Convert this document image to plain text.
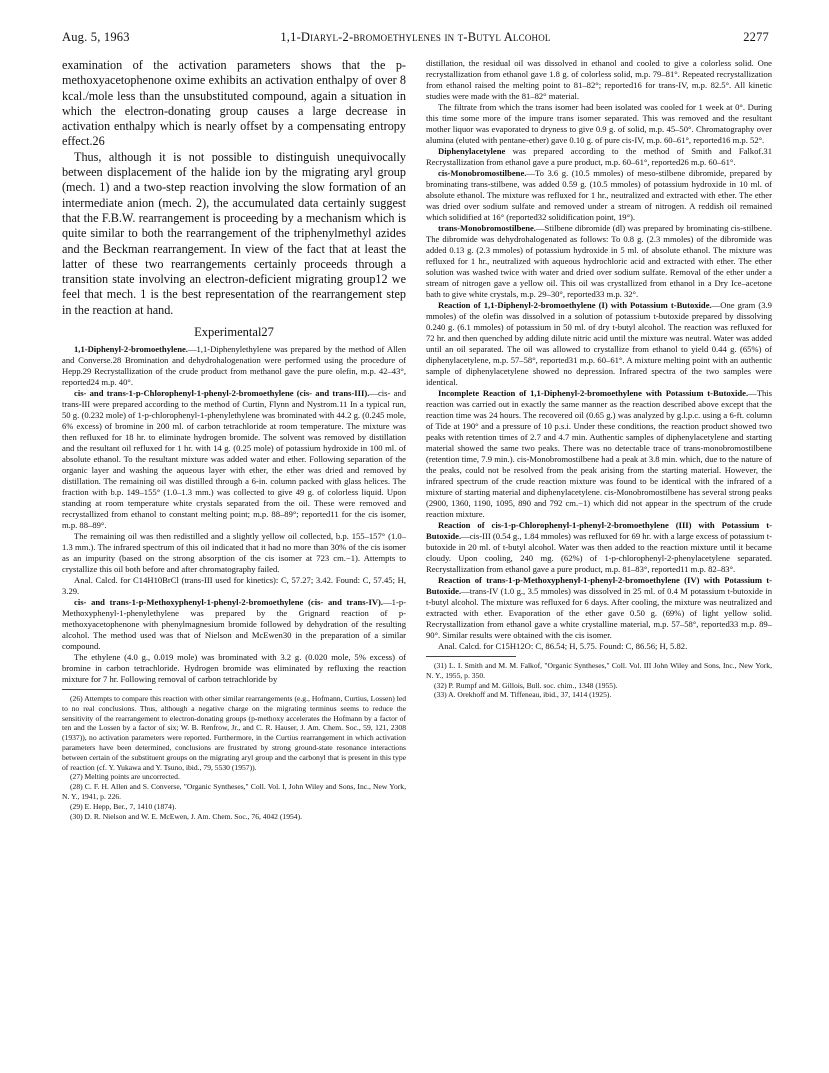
Aug. 5, 1963	1,1-Diaryl-2-bromoethylenes in t-Butyl Alcohol	2277

examination of the activation parameters shows that the p-methoxyacetophenone oxime exhibits an activation enthalpy of over 8 kcal./mole less than the unsubstituted compound, again a situation in which the electron-donating group causes a large decrease in activation enthalpy which is nearly offset by a compensating entropy effect.26

Thus, although it is not possible to distinguish unequivocally between displacement of the halide ion by the migrating aryl group (mech. 1) and a two-step reaction involving the slow formation of an intermediate anion (mech. 2), the accumulated data certainly suggest that the F.B.W. rearrangement is proceeding by a mechanism which is quite similar to both the rearrangement of the triphenylmethyl azides and the Beckman rearrangement. In view of the fact that at least the latter of these two rearrangements certainly proceeds through a transition state involving an electron-deficient migrating group12 we feel that mech. 1 is the best representation of the rearrangement step in the reaction at hand.

Experimental27

1,1-Diphenyl-2-bromoethylene.—1,1-Diphenylethylene was prepared by the method of Allen and Converse.28 Bromination and dehydrohalogenation were performed using the procedure of Hepp.29 Recrystallization of the crude product from methanol gave the pure olefin, m.p. 42–43°, reported24 m.p. 40°.

cis- and trans-1-p-Chlorophenyl-1-phenyl-2-bromoethylene (cis- and trans-III).—cis- and trans-III were prepared according to the method of Curtin, Flynn and Nystrom.11 In a typical run, 50 g. (0.232 mole) of 1-p-chlorophenyl-1-phenylethylene was brominated with 44.2 g. (0.245 mole, 6% excess) of bromine in 200 ml. of carbon tetrachloride at room temperature. The mixture was then refluxed for 18 hr. to eliminate hydrogen bromide. The solvent was removed by distillation and the resultant oil refluxed for 1 hr. with 14 g. (0.25 mole) of potassium hydroxide in 100 ml. of absolute ethanol. To the resultant mixture was added water and ether. Following separation of the organic layer and washing the aqueous layer with ether, the ether was dried and removed by distillation. The remaining oil was distilled through a 6-in. column packed with glass helices. The fraction with b.p. 149–155° (1.0–1.3 mm.) was collected to give 49 g. of colorless liquid. Upon standing at room temperature white crystals separated from the oil. These were removed and recrystallized from ethanol to constant melting point; m.p. 88–89°; reported11 for the cis isomer, m.p. 88–89°.

The remaining oil was then redistilled and a slightly yellow oil collected, b.p. 155–157° (1.0–1.3 mm.). The infrared spectrum of this oil indicated that it had no more than 30% of the cis isomer as an impurity (based on the strong absorption of the cis isomer at 723 cm.−1). Attempts to crystallize this oil both before and after chromatography failed.

Anal. Calcd. for C14H10BrCl (trans-III used for kinetics): C, 57.27; 3.42. Found: C, 57.45; H, 3.29.

cis- and trans-1-p-Methoxyphenyl-1-phenyl-2-bromoethylene (cis- and trans-IV).—1-p-Methoxyphenyl-1-phenylethylene was prepared by the Grignard reaction of p-methoxyacetophenone with phenylmagnesium bromide followed by dehydration of the resulting alcohol. The method used was that of Nielson and McEwen30 in the preparation of a similar compound.

The ethylene (4.0 g., 0.019 mole) was brominated with 3.2 g. (0.020 mole, 5% excess) of bromine in carbon tetrachloride. Hydrogen bromide was eliminated by refluxing the reaction mixture for 7 hr. Following removal of carbon tetrachloride by

(26) Attempts to compare this reaction with other similar rearrangements (e.g., Hofmann, Curtius, Lossen) led to no real conclusions. Thus, although a negative charge on the migrating terminus seems to reduce the sensitivity of the rearrangement to electron-donating groups (p-methoxy accelerates the Hofmann by a factor of ten and the Lossen by a factor of six; W. B. Renfrow, Jr., and C. R. Hauser, J. Am. Chem. Soc., 59, 121, 2308 (1937)), no activation parameters were reported. Furthermore, in the Curtius rearrangement in which activation parameters have been determined, conclusions are frustrated by strong ground-state resonance interactions between certain of the substituent groups on the migrating aryl group and the carbonyl that is present in this type of reaction (cf. Y. Yukawa and Y. Tsuno, ibid., 79, 5530 (1957)).

(27) Melting points are uncorrected.

(28) C. F. H. Allen and S. Converse, "Organic Syntheses," Coll. Vol. I, John Wiley and Sons, Inc., New York, N. Y., 1941, p. 226.

(29) E. Hepp, Ber., 7, 1410 (1874).

(30) D. R. Nielson and W. E. McEwen, J. Am. Chem. Soc., 76, 4042 (1954).

distillation, the residual oil was dissolved in ethanol and cooled to give a colorless solid. One recrystallization from ethanol gave 1.8 g. of colorless solid, m.p. 79–81°. Repeated recrystallization from ethanol raised the melting point to 81–82°; reported16 for trans-IV, m.p. 82.5°. All kinetic studies were made with the 81–82° material.

The filtrate from which the trans isomer had been isolated was cooled for 1 week at 0°. During this time some more of the impure trans isomer separated. This was removed and the resultant mother liquor was evaporated to dryness to give 0.9 g. of solid, m.p. 45–50°. Chromatography over alumina (eluted with pentane-ether) gave 0.10 g. of pure cis-IV, m.p. 60–61°, reported16 m.p. 52°.

Diphenylacetylene was prepared according to the method of Smith and Falkof.31 Recrystallization from ethanol gave a pure product, m.p. 60–61°, reported26 m.p. 60–61°.

cis-Monobromostilbene.—To 3.6 g. (10.5 mmoles) of meso-stilbene dibromide, prepared by brominating trans-stilbene, was added 0.59 g. (10.5 mmoles) of potassium hydroxide in 10 ml. of absolute ethanol. The mixture was refluxed for 1 hr., neutralized and extracted with ether. The ether was dried over sodium sulfate and removed under a stream of nitrogen. A reddish oil remained which solidified at 16° (reported32 solidification point, 19°).

trans-Monobromostilbene.—Stilbene dibromide (dl) was prepared by brominating cis-stilbene. The dibromide was dehydrohalogenated as follows: To 0.8 g. (2.3 mmoles) of the dibromide was added 0.13 g. (2.3 mmoles) of potassium hydroxide in 5 ml. of absolute ethanol. The mixture was refluxed for 1 hr., neutralized with aqueous hydrochloric acid and extracted with ether. The ether solution was washed twice with water and dried over sodium sulfate. Removal of the ether under a stream of nitrogen gave a yellow oil. This oil was crystallized from ethanol in a Dry Ice–acetone bath to give white crystals, m.p. 29–30°, reported33 m.p. 32°.

Reaction of 1,1-Diphenyl-2-bromoethylene (I) with Potassium t-Butoxide.—One gram (3.9 mmoles) of the olefin was dissolved in a solution of potassium t-butoxide prepared by dissolving 0.240 g. (6.1 mmoles) of potassium in 50 ml. of dry t-butyl alcohol. The reaction was refluxed for 72 hr. and then quenched by adding dilute nitric acid until the mixture was neutral. Water was added until an oil separated. The oil was allowed to crystallize from ethanol to yield 0.44 g. (65%) of diphenylacetylene, m.p. 57–58°, reported31 m.p. 60–61°. A mixture melting point with an authentic sample of diphenylacetylene showed no depression. Infrared spectra of the two samples were identical.

Incomplete Reaction of 1,1-Diphenyl-2-bromoethylene with Potassium t-Butoxide.—This reaction was carried out in exactly the same manner as the reaction described above except that the reaction time was 24 hours. The recovered oil (0.65 g.) was analyzed by g.l.p.c. using a 6-ft. column of Tide at 190° and a pressure of 10 p.s.i. Under these conditions, the reaction product showed two peaks with retention times of 2.7 and 4.7 min. Authentic samples of diphenylacetylene and starting material showed the same two peaks. There was no detectable trace of trans-monobromostilbene (retention time, 7.9 min.). cis-Monobromostilbene had a peak at 3.8 min. which, due to the nature of the peaks, could not be resolved from the peak arising from the starting material. However, the infrared spectrum of the crude reaction mixture was found to be identical with the infrared of a mixture of starting material and diphenylacetylene. cis-Monobromostilbene has several strong peaks (2900, 1360, 1190, 1095, 890 and 792 cm.−1) which did not appear in the spectrum of the crude reaction mixture.

Reaction of cis-1-p-Chlorophenyl-1-phenyl-2-bromoethylene (III) with Potassium t-Butoxide.—cis-III (0.54 g., 1.84 mmoles) was refluxed for 69 hr. with a large excess of potassium t-butoxide in 20 ml. of t-butyl alcohol. Water was then added to the reaction mixture until it became cloudy. Upon cooling, 240 mg. (62%) of 1-p-chlorophenyl-2-phenylacetylene separated. Recrystallization from ethanol gave a pure product, m.p. 81–83°, reported11 m.p. 82–83°.

Reaction of trans-1-p-Methoxyphenyl-1-phenyl-2-bromoethylene (IV) with Potassium t-Butoxide.—trans-IV (1.0 g., 3.5 mmoles) was dissolved in 25 ml. of 0.4 M potassium t-butoxide in t-butyl alcohol. The mixture was refluxed for 6 days. After cooling, the mixture was neutralized and extracted with ether. Evaporation of the ether gave 0.50 g. (69%) of light yellow solid. Recrystallization from ethanol gave a white crystalline material, m.p. 57–58°, reported33 m.p. 89–90°. Similar results were obtained with the cis isomer.

Anal. Calcd. for C15H12O: C, 86.54; H, 5.75. Found: C, 86.56; H, 5.82.

(31) L. I. Smith and M. M. Falkof, "Organic Syntheses," Coll. Vol. III John Wiley and Sons, Inc., New York, N. Y., 1955, p. 350.

(32) P. Rumpf and M. Gillois, Bull. soc. chim., 1348 (1955).

(33) A. Orekhoff and M. Tiffeneau, ibid., 37, 1414 (1925).
